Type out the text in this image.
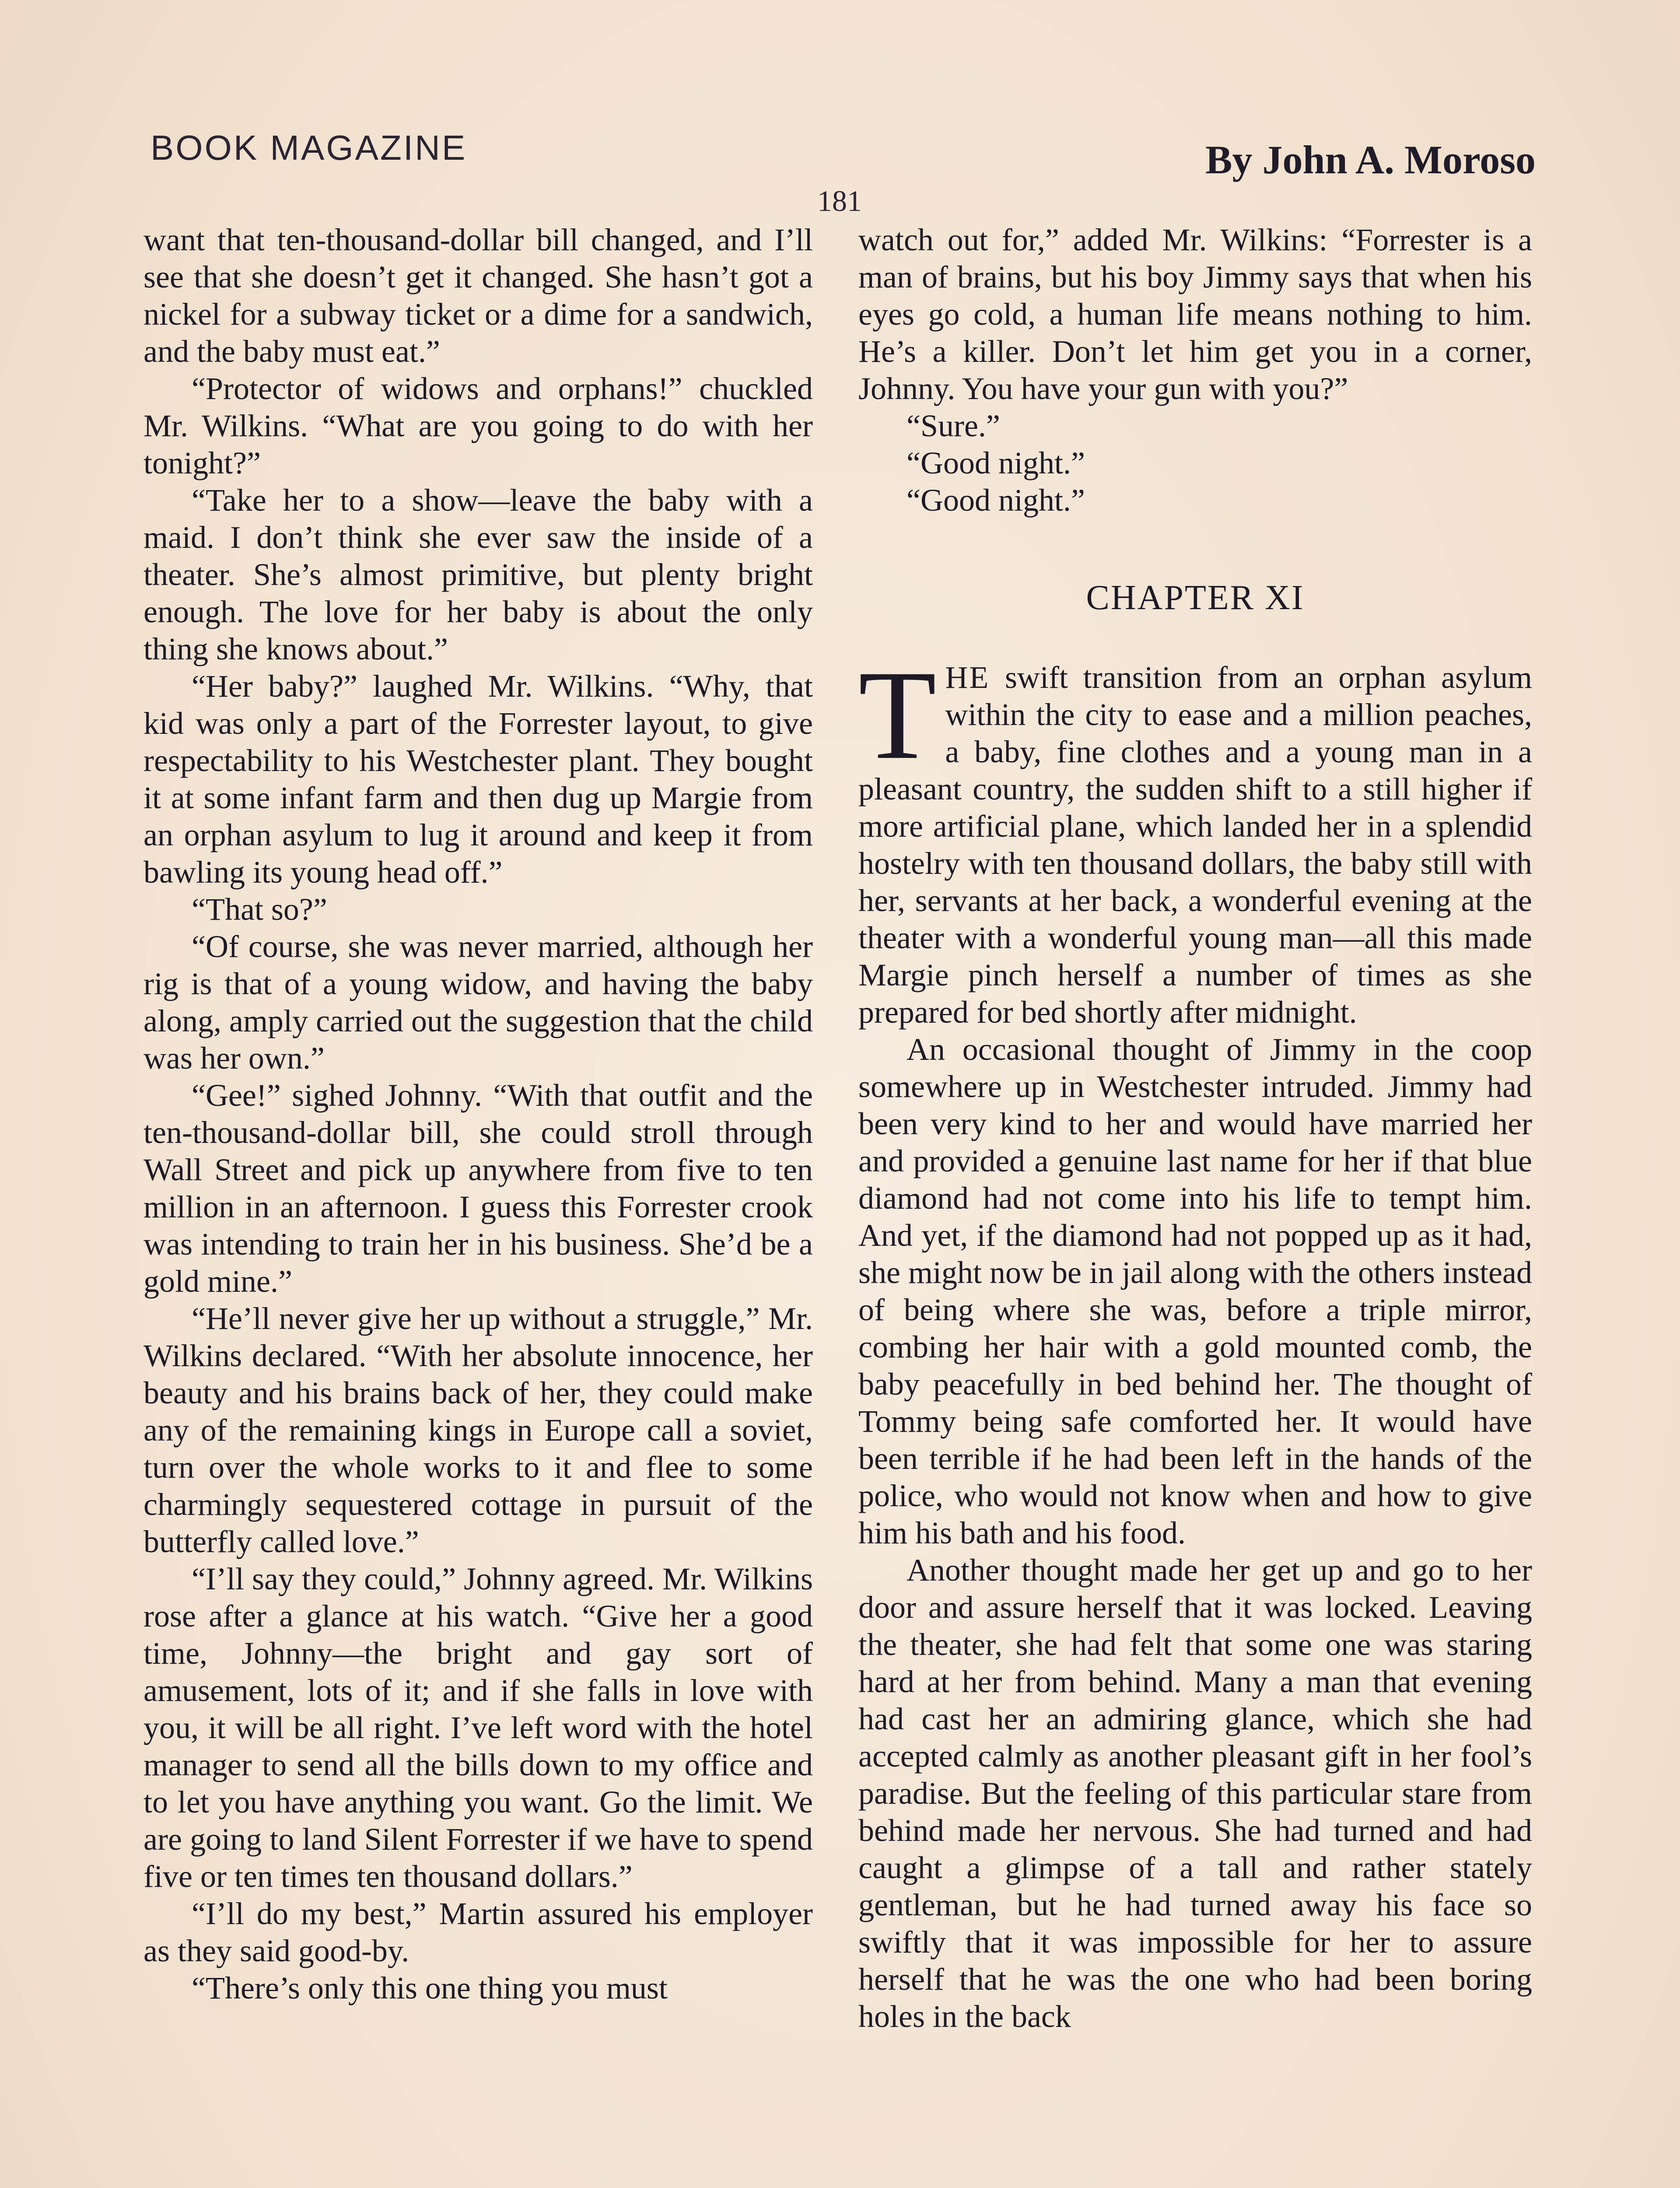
BOOK MAGAZINE	By John A. Moroso
181

want that ten-thousand-dollar bill changed, and I’ll see that she doesn’t get it changed. She hasn’t got a nickel for a subway ticket or a dime for a sandwich, and the baby must eat.”

“Protector of widows and orphans!” chuckled Mr. Wilkins. “What are you going to do with her tonight?”

“Take her to a show—leave the baby with a maid. I don’t think she ever saw the inside of a theater. She’s almost primitive, but plenty bright enough. The love for her baby is about the only thing she knows about.”

“Her baby?” laughed Mr. Wilkins. “Why, that kid was only a part of the Forrester layout, to give respectability to his Westchester plant. They bought it at some infant farm and then dug up Margie from an orphan asylum to lug it around and keep it from bawling its young head off.”

“That so?”

“Of course, she was never married, although her rig is that of a young widow, and having the baby along, amply carried out the suggestion that the child was her own.”

“Gee!” sighed Johnny. “With that outfit and the ten-thousand-dollar bill, she could stroll through Wall Street and pick up anywhere from five to ten million in an afternoon. I guess this Forrester crook was intending to train her in his business. She’d be a gold mine.”

“He’ll never give her up without a struggle,” Mr. Wilkins declared. “With her absolute innocence, her beauty and his brains back of her, they could make any of the remaining kings in Europe call a soviet, turn over the whole works to it and flee to some charmingly sequestered cottage in pursuit of the butterfly called love.”

“I’ll say they could,” Johnny agreed. Mr. Wilkins rose after a glance at his watch. “Give her a good time, Johnny—the bright and gay sort of amusement, lots of it; and if she falls in love with you, it will be all right. I’ve left word with the hotel manager to send all the bills down to my office and to let you have anything you want. Go the limit. We are going to land Silent Forrester if we have to spend five or ten times ten thousand dollars.”

“I’ll do my best,” Martin assured his employer as they said good-by.

“There’s only this one thing you must

watch out for,” added Mr. Wilkins: “Forrester is a man of brains, but his boy Jimmy says that when his eyes go cold, a human life means nothing to him. He’s a killer. Don’t let him get you in a corner, Johnny. You have your gun with you?”

“Sure.”

“Good night.”

“Good night.”

CHAPTER XI

THE swift transition from an orphan asylum within the city to ease and a million peaches, a baby, fine clothes and a young man in a pleasant country, the sudden shift to a still higher if more artificial plane, which landed her in a splendid hostelry with ten thousand dollars, the baby still with her, servants at her back, a wonderful evening at the theater with a wonderful young man—all this made Margie pinch herself a number of times as she prepared for bed shortly after midnight.

An occasional thought of Jimmy in the coop somewhere up in Westchester intruded. Jimmy had been very kind to her and would have married her and provided a genuine last name for her if that blue diamond had not come into his life to tempt him. And yet, if the diamond had not popped up as it had, she might now be in jail along with the others instead of being where she was, before a triple mirror, combing her hair with a gold mounted comb, the baby peacefully in bed behind her. The thought of Tommy being safe comforted her. It would have been terrible if he had been left in the hands of the police, who would not know when and how to give him his bath and his food.

Another thought made her get up and go to her door and assure herself that it was locked. Leaving the theater, she had felt that some one was staring hard at her from behind. Many a man that evening had cast her an admiring glance, which she had accepted calmly as another pleasant gift in her fool’s paradise. But the feeling of this particular stare from behind made her nervous. She had turned and had caught a glimpse of a tall and rather stately gentleman, but he had turned away his face so swiftly that it was impossible for her to assure herself that he was the one who had been boring holes in the back
